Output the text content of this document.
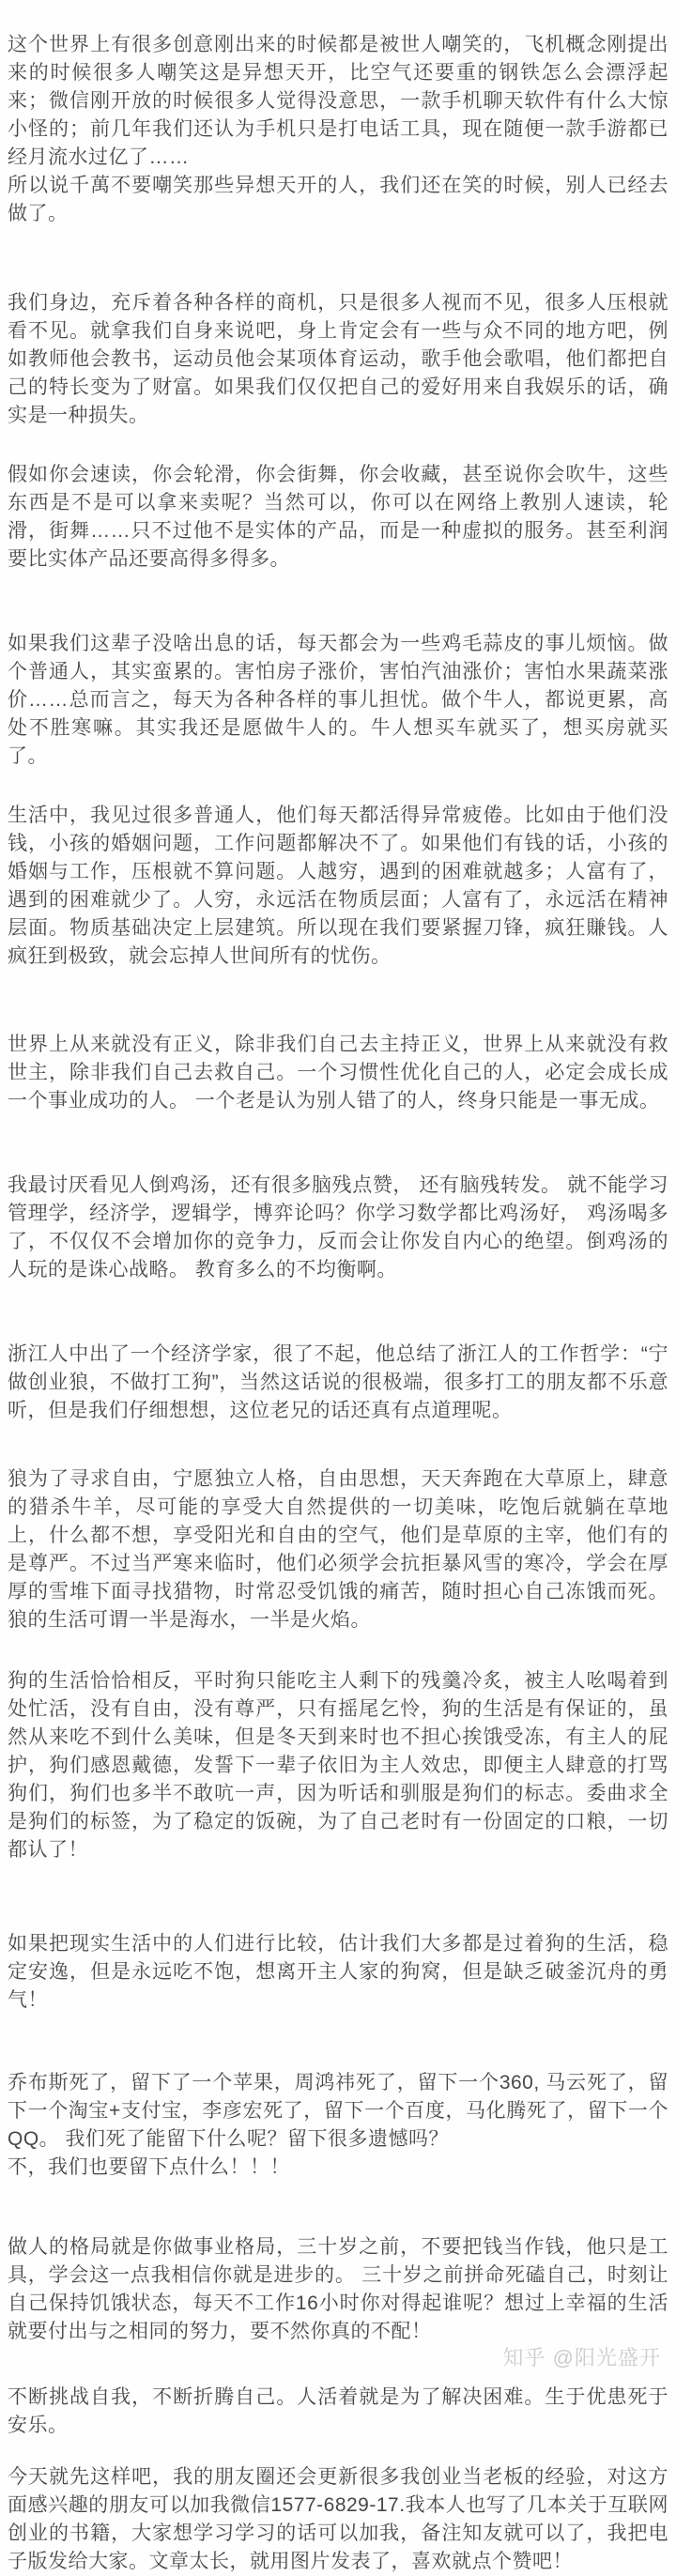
这个世界上有很多创意刚出来的时候都是被世人嘲笑的，飞机概念刚提出来的时候很多人嘲笑这是异想天开，比空气还要重的钢铁怎么会漂浮起来；微信刚开放的时候很多人觉得没意思，一款手机聊天软件有什么大惊小怪的；前几年我们还认为手机只是打电话工具，现在随便一款手游都已经月流水过亿了……
所以说千萬不要嘲笑那些异想天开的人，我们还在笑的时候，别人已经去做了。

我们身边，充斥着各种各样的商机，只是很多人视而不见，很多人压根就看不见。就拿我们自身来说吧，身上肯定会有一些与众不同的地方吧，例如教师他会教书，运动员他会某项体育运动，歌手他会歌唱，他们都把自己的特长变为了财富。如果我们仅仅把自己的爱好用来自我娱乐的话，确实是一种损失。

假如你会速读，你会轮滑，你会街舞，你会收藏，甚至说你会吹牛，这些东西是不是可以拿来卖呢？当然可以，你可以在网络上教别人速读，轮滑，街舞……只不过他不是实体的产品，而是一种虚拟的服务。甚至利润要比实体产品还要高得多得多。

如果我们这辈子没啥出息的话，每天都会为一些鸡毛蒜皮的事儿烦恼。做个普通人，其实蛮累的。害怕房子涨价，害怕汽油涨价；害怕水果蔬菜涨价……总而言之，每天为各种各样的事儿担忧。做个牛人，都说更累，高处不胜寒嘛。其实我还是愿做牛人的。牛人想买车就买了，想买房就买了。

生活中，我见过很多普通人，他们每天都活得异常疲倦。比如由于他们没钱，小孩的婚姻问题，工作问题都解决不了。如果他们有钱的话，小孩的婚姻与工作，压根就不算问题。人越穷，遇到的困难就越多；人富有了，遇到的困难就少了。人穷，永远活在物质层面；人富有了，永远活在精神层面。物质基础决定上层建筑。所以现在我们要紧握刀锋，疯狂賺钱。人疯狂到极致，就会忘掉人世间所有的忧伤。

世界上从来就没有正义，除非我们自己去主持正义，世界上从来就没有救世主，除非我们自己去救自己。一个习惯性优化自己的人，必定会成长成一个事业成功的人。 一个老是认为别人错了的人，终身只能是一事无成。

我最讨厌看见人倒鸡汤，还有很多脑残点赞， 还有脑残转发。 就不能学习管理学，经济学，逻辑学，博弈论吗？你学习数学都比鸡汤好， 鸡汤喝多了，不仅仅不会增加你的竞争力，反而会让你发自内心的绝望。倒鸡汤的人玩的是诛心战略。 教育多么的不均衡啊。

浙江人中出了一个经济学家，很了不起，他总结了浙江人的工作哲学：“宁做创业狼，不做打工狗”，当然这话说的很极端，很多打工的朋友都不乐意听，但是我们仔细想想，这位老兄的话还真有点道理呢。

狼为了寻求自由，宁愿独立人格，自由思想，天天奔跑在大草原上，肆意的猎杀牛羊，尽可能的享受大自然提供的一切美味，吃饱后就躺在草地上，什么都不想，享受阳光和自由的空气，他们是草原的主宰，他们有的是尊严。不过当严寒来临时，他们必须学会抗拒暴风雪的寒冷，学会在厚厚的雪堆下面寻找猎物，时常忍受饥饿的痛苦，随时担心自己冻饿而死。狼的生活可谓一半是海水，一半是火焰。

狗的生活恰恰相反，平时狗只能吃主人剩下的残羹冷炙，被主人吆喝着到处忙活，没有自由，没有尊严，只有摇尾乞怜，狗的生活是有保证的，虽然从来吃不到什么美味，但是冬天到来时也不担心挨饿受冻，有主人的屁护，狗们感恩戴德，发誓下一辈子依旧为主人效忠，即便主人肆意的打骂狗们，狗们也多半不敢吭一声，因为听话和驯服是狗们的标志。委曲求全是狗们的标签，为了稳定的饭碗，为了自己老时有一份固定的口粮，一切都认了！

如果把现实生活中的人们进行比较，估计我们大多都是过着狗的生活，稳定安逸，但是永远吃不饱，想离开主人家的狗窝，但是缺乏破釜沉舟的勇气！

乔布斯死了，留下了一个苹果，周鸿祎死了，留下一个360, 马云死了，留下一个淘宝+支付宝，李彦宏死了，留下一个百度，马化腾死了，留下一个QQ。 我们死了能留下什么呢？留下很多遗憾吗？
不，我们也要留下点什么！！！

做人的格局就是你做事业格局，三十岁之前，不要把钱当作钱，他只是工具，学会这一点我相信你就是进步的。 三十岁之前拼命死磕自己，时刻让自己保持饥饿状态，每天不工作16小时你对得起谁呢？想过上幸福的生活就要付出与之相同的努力，要不然你真的不配！

不断挑战自我，不断折腾自己。人活着就是为了解决困难。生于优患死于安乐。

今天就先这样吧，我的朋友圈还会更新很多我创业当老板的经验，对这方面感兴趣的朋友可以加我微信1577-6829-17.我本人也写了几本关于互联网创业的书籍，大家想学习学习的话可以加我，备注知友就可以了，我把电子版发给大家。文章太长，就用图片发表了，喜欢就点个赞吧！

知乎 @阳光盛开
